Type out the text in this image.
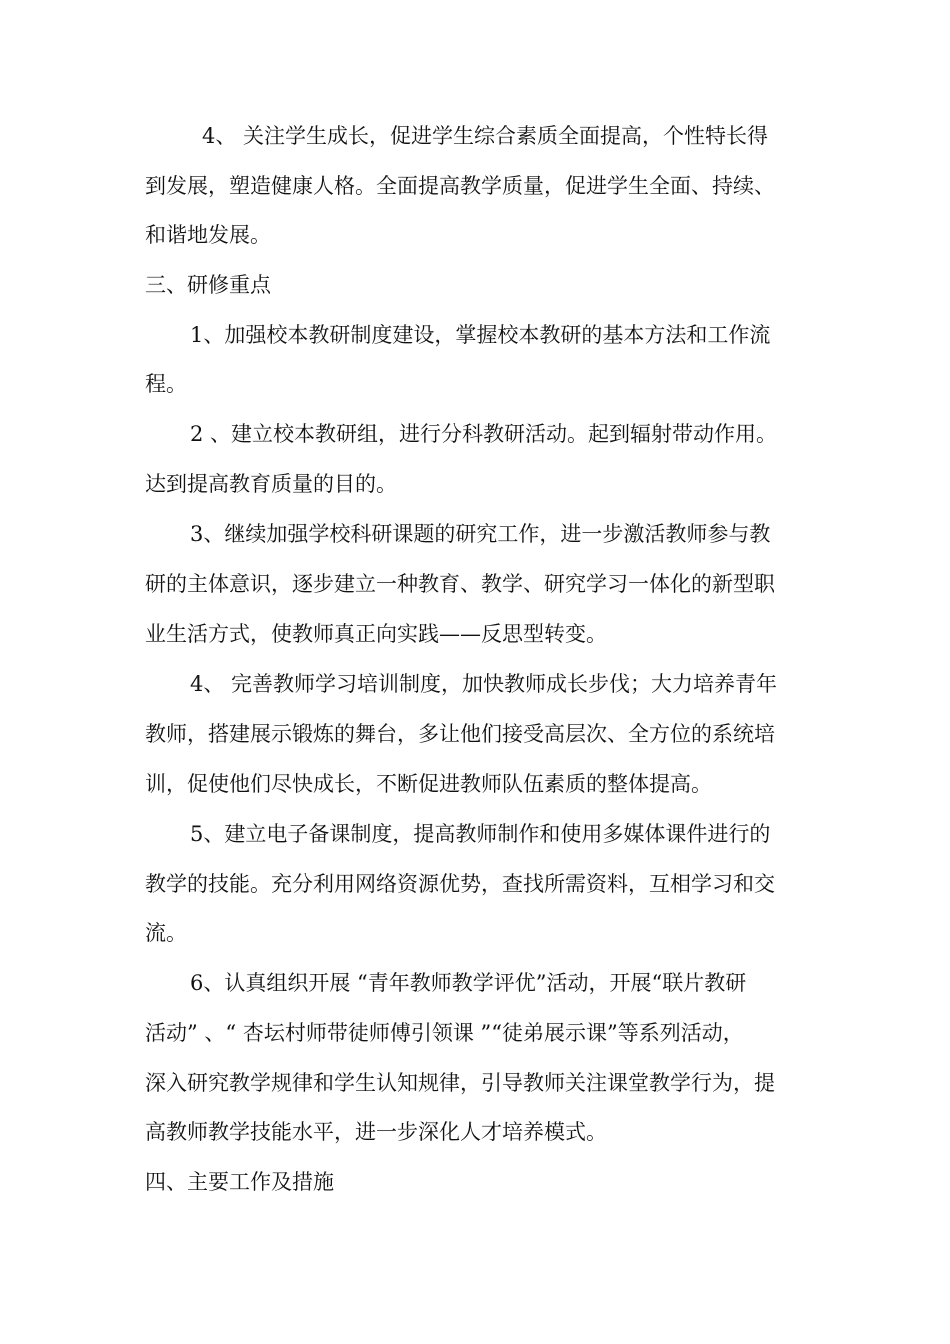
4、 关注学生成长，促进学生综合素质全面提高，个性特长得
到发展，塑造健康人格。全面提高教学质量，促进学生全面、持续、
和谐地发展。
三、研修重点
1、加强校本教研制度建设，掌握校本教研的基本方法和工作流
程。
2 、建立校本教研组，进行分科教研活动。起到辐射带动作用。
达到提高教育质量的目的。
3、继续加强学校科研课题的研究工作，进一步激活教师参与教
研的主体意识，逐步建立一种教育、教学、研究学习一体化的新型职
业生活方式，使教师真正向实践——反思型转变。
4、 完善教师学习培训制度，加快教师成长步伐；大力培养青年
教师，搭建展示锻炼的舞台，多让他们接受高层次、全方位的系统培
训，促使他们尽快成长，不断促进教师队伍素质的整体提高。
5、建立电子备课制度，提高教师制作和使用多媒体课件进行的
教学的技能。充分利用网络资源优势，查找所需资料，互相学习和交
流。
6、认真组织开展 “青年教师教学评优”活动，开展“联片教研
活动” 、“ 杏坛村师带徒师傅引领课 ”“徒弟展示课”等系列活动，
深入研究教学规律和学生认知规律，引导教师关注课堂教学行为，提
高教师教学技能水平，进一步深化人才培养模式。
四、主要工作及措施
